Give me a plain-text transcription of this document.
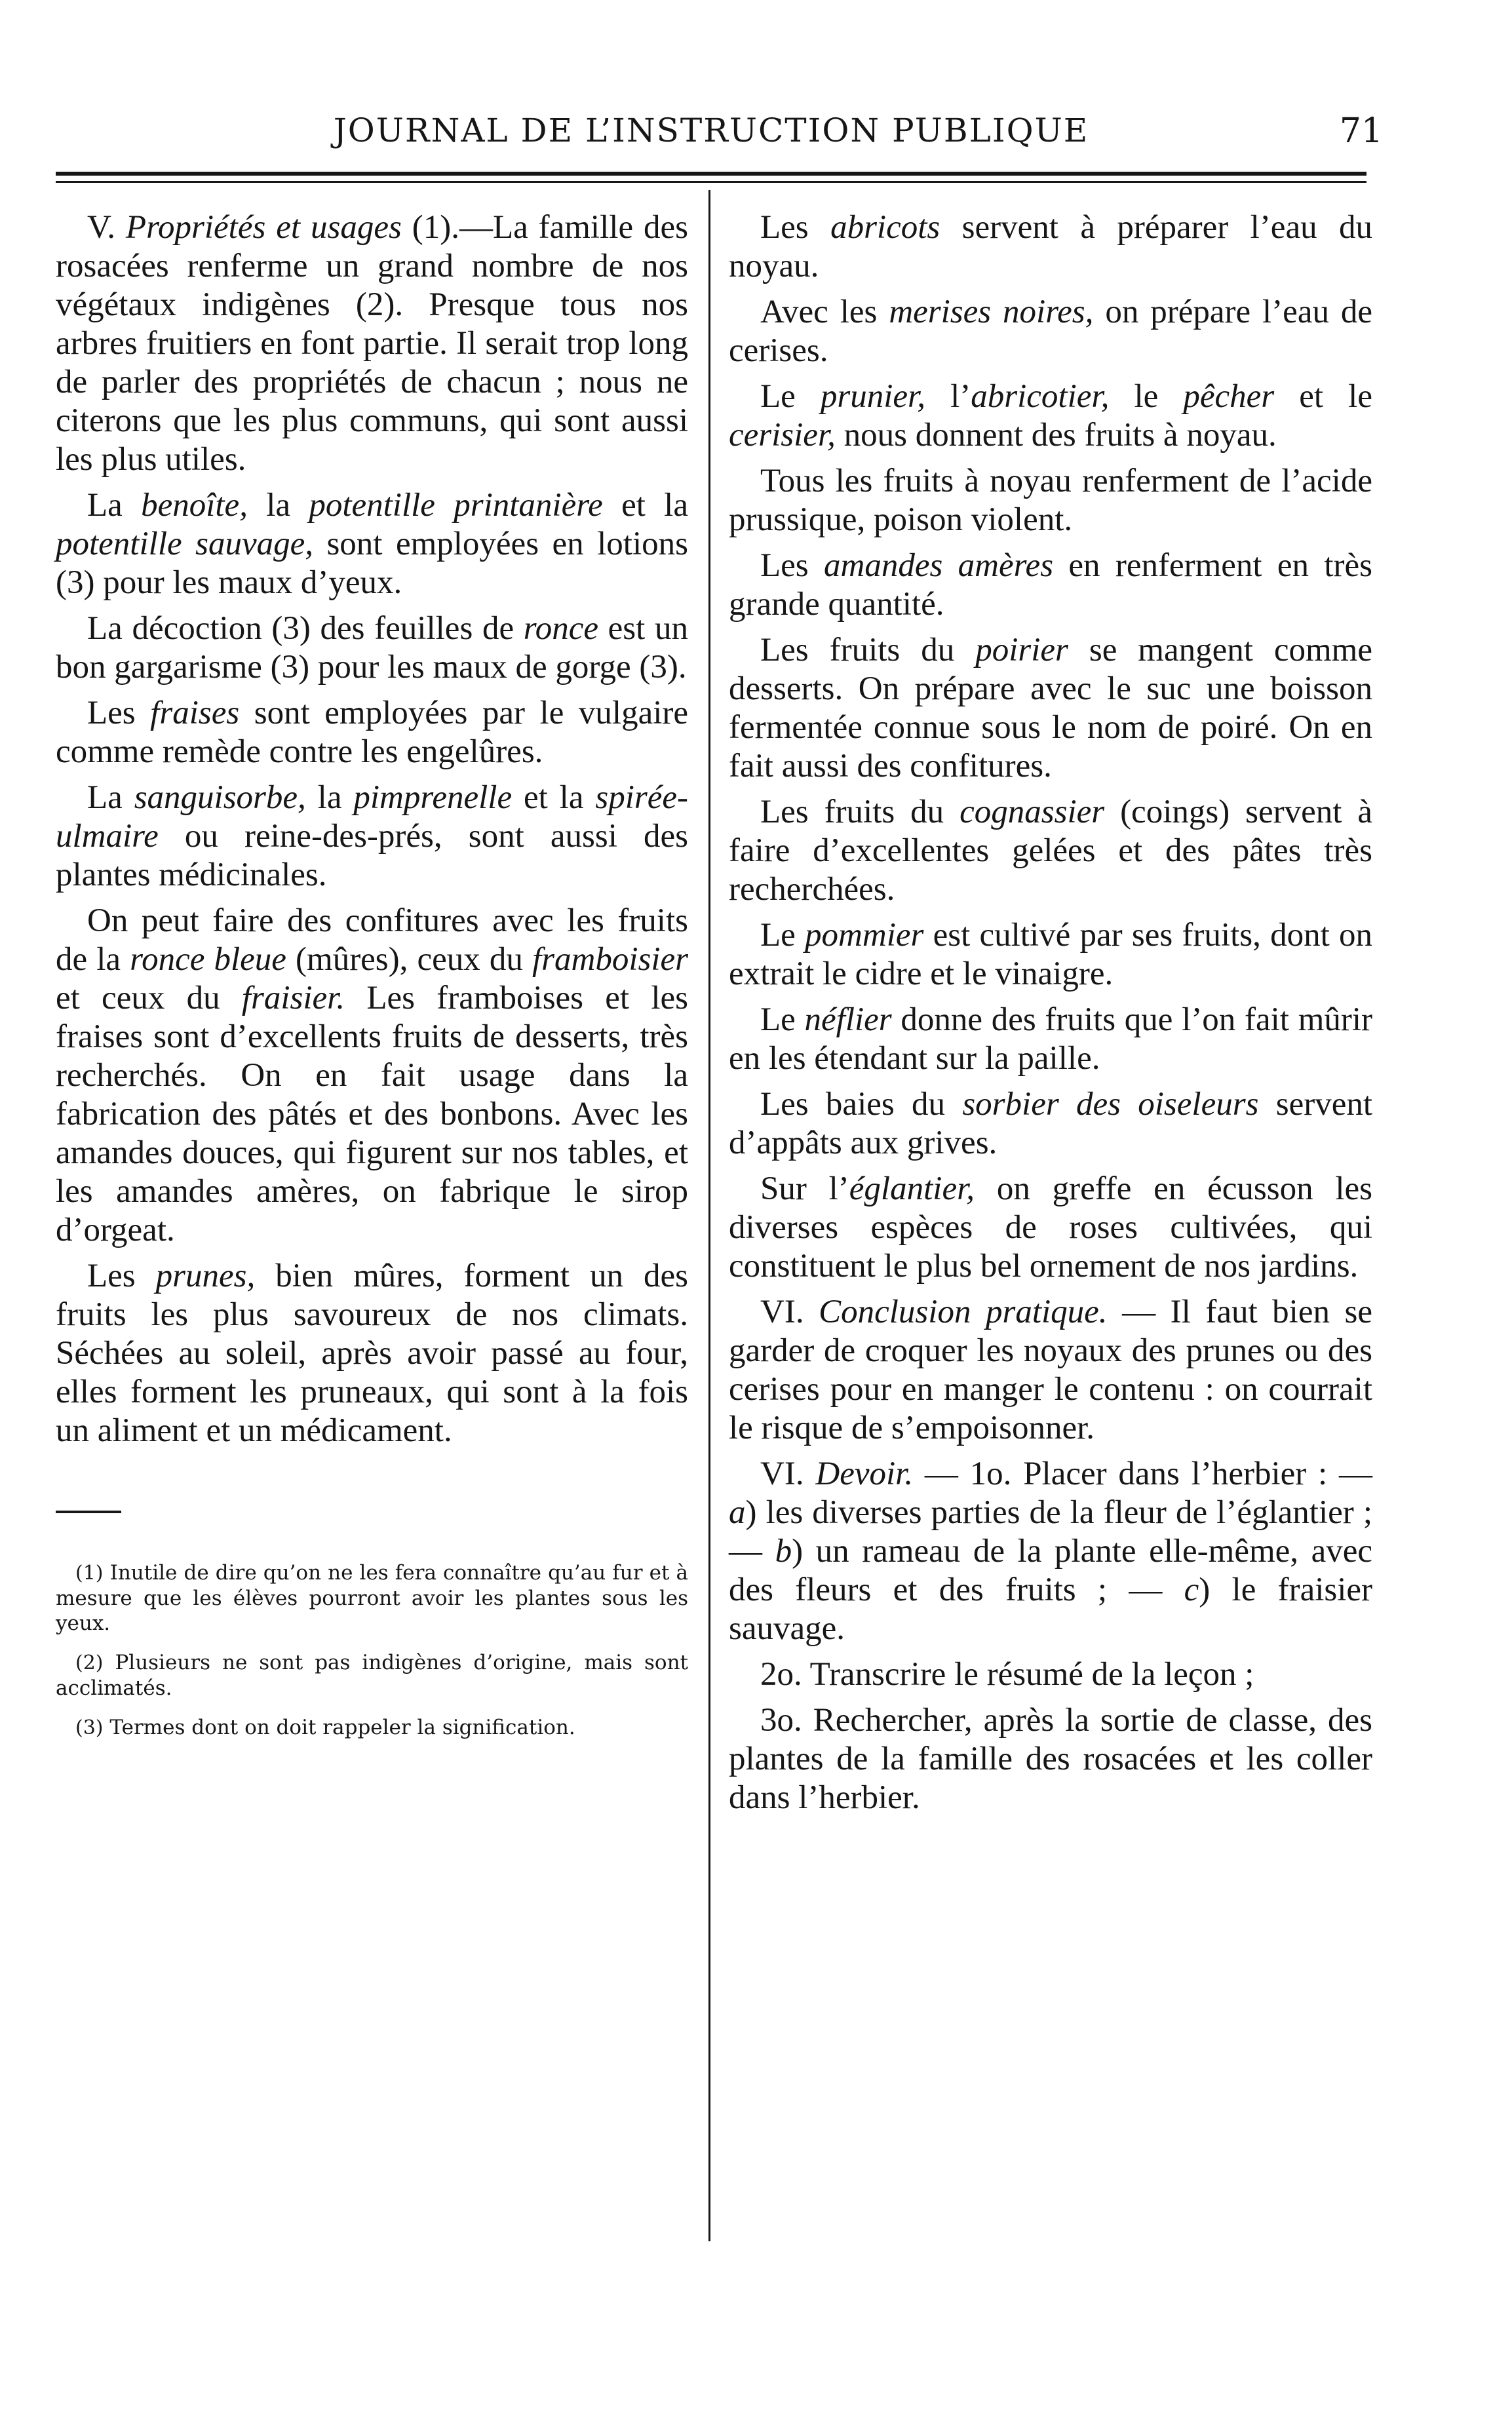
JOURNAL DE L’INSTRUCTION PUBLIQUE	71

V. Propriétés et usages (1).—La famille des rosacées renferme un grand nombre de nos végétaux indigènes (2). Presque tous nos arbres fruitiers en font partie. Il serait trop long de parler des propriétés de chacun ; nous ne citerons que les plus communs, qui sont aussi les plus utiles.

La benoîte, la potentille printanière et la potentille sauvage, sont employées en lotions (3) pour les maux d’yeux.

La décoction (3) des feuilles de ronce est un bon gargarisme (3) pour les maux de gorge (3).

Les fraises sont employées par le vulgaire comme remède contre les engelûres.

La sanguisorbe, la pimprenelle et la spirée-ulmaire ou reine-des-prés, sont aussi des plantes médicinales.

On peut faire des confitures avec les fruits de la ronce bleue (mûres), ceux du framboisier et ceux du fraisier. Les framboises et les fraises sont d’excellents fruits de desserts, très recherchés. On en fait usage dans la fabrication des pâtés et des bonbons. Avec les amandes douces, qui figurent sur nos tables, et les amandes amères, on fabrique le sirop d’orgeat.

Les prunes, bien mûres, forment un des fruits les plus savoureux de nos climats. Séchées au soleil, après avoir passé au four, elles forment les pruneaux, qui sont à la fois un aliment et un médicament.

(1) Inutile de dire qu’on ne les fera connaître qu’au fur et à mesure que les élèves pourront avoir les plantes sous les yeux.

(2) Plusieurs ne sont pas indigènes d’origine, mais sont acclimatés.

(3) Termes dont on doit rappeler la signification.

Les abricots servent à préparer l’eau du noyau.

Avec les merises noires, on prépare l’eau de cerises.

Le prunier, l’abricotier, le pêcher et le cerisier, nous donnent des fruits à noyau.

Tous les fruits à noyau renferment de l’acide prussique, poison violent.

Les amandes amères en renferment en très grande quantité.

Les fruits du poirier se mangent comme desserts. On prépare avec le suc une boisson fermentée connue sous le nom de poiré. On en fait aussi des confitures.

Les fruits du cognassier (coings) servent à faire d’excellentes gelées et des pâtes très recherchées.

Le pommier est cultivé par ses fruits, dont on extrait le cidre et le vinaigre.

Le néflier donne des fruits que l’on fait mûrir en les étendant sur la paille.

Les baies du sorbier des oiseleurs servent d’appâts aux grives.

Sur l’églantier, on greffe en écusson les diverses espèces de roses cultivées, qui constituent le plus bel ornement de nos jardins.

VI. Conclusion pratique. — Il faut bien se garder de croquer les noyaux des prunes ou des cerises pour en manger le contenu : on courrait le risque de s’empoisonner.

VI. Devoir. — 1o. Placer dans l’herbier : —a) les diverses parties de la fleur de l’églantier ; — b) un rameau de la plante elle-même, avec des fleurs et des fruits ; — c) le fraisier sauvage.

2o. Transcrire le résumé de la leçon ;

3o. Rechercher, après la sortie de classe, des plantes de la famille des rosacées et les coller dans l’herbier.
